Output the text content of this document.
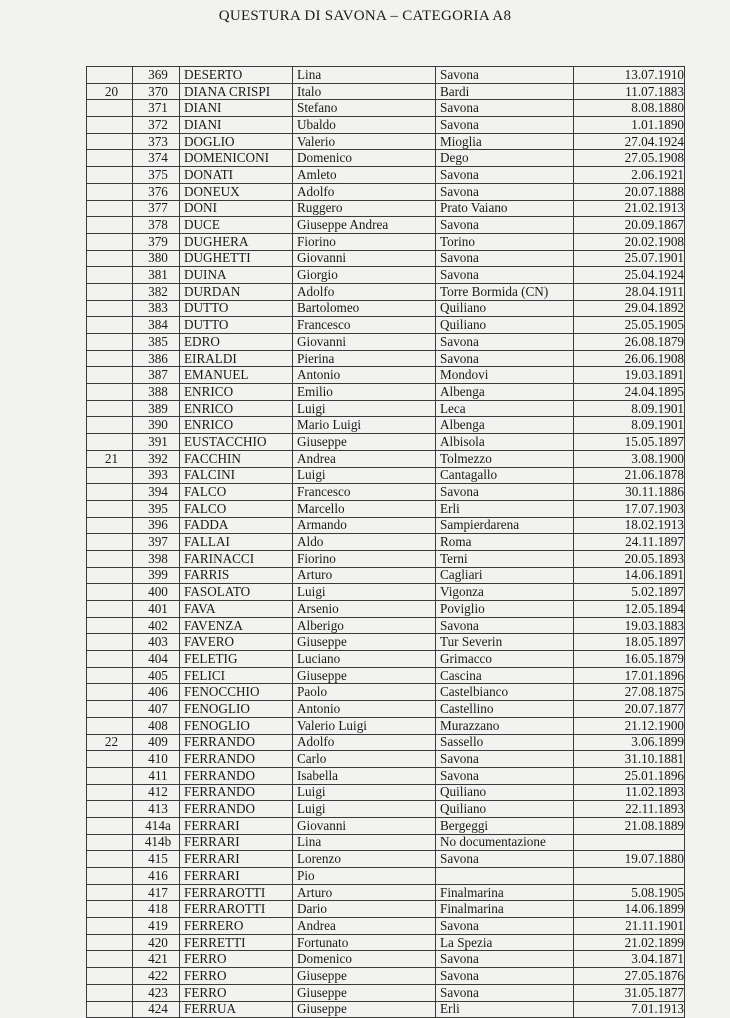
QUESTURA DI SAVONA – CATEGORIA A8
	369	DESERTO	Lina	Savona	13.07.1910
20	370	DIANA CRISPI	Italo	Bardi	11.07.1883
	371	DIANI	Stefano	Savona	8.08.1880
	372	DIANI	Ubaldo	Savona	1.01.1890
	373	DOGLIO	Valerio	Mioglia	27.04.1924
	374	DOMENICONI	Domenico	Dego	27.05.1908
	375	DONATI	Amleto	Savona	2.06.1921
	376	DONEUX	Adolfo	Savona	20.07.1888
	377	DONI	Ruggero	Prato Vaiano	21.02.1913
	378	DUCE	Giuseppe Andrea	Savona	20.09.1867
	379	DUGHERA	Fiorino	Torino	20.02.1908
	380	DUGHETTI	Giovanni	Savona	25.07.1901
	381	DUINA	Giorgio	Savona	25.04.1924
	382	DURDAN	Adolfo	Torre Bormida (CN)	28.04.1911
	383	DUTTO	Bartolomeo	Quiliano	29.04.1892
	384	DUTTO	Francesco	Quiliano	25.05.1905
	385	EDRO	Giovanni	Savona	26.08.1879
	386	EIRALDI	Pierina	Savona	26.06.1908
	387	EMANUEL	Antonio	Mondovi	19.03.1891
	388	ENRICO	Emilio	Albenga	24.04.1895
	389	ENRICO	Luigi	Leca	8.09.1901
	390	ENRICO	Mario Luigi	Albenga	8.09.1901
	391	EUSTACCHIO	Giuseppe	Albisola	15.05.1897
21	392	FACCHIN	Andrea	Tolmezzo	3.08.1900
	393	FALCINI	Luigi	Cantagallo	21.06.1878
	394	FALCO	Francesco	Savona	30.11.1886
	395	FALCO	Marcello	Erli	17.07.1903
	396	FADDA	Armando	Sampierdarena	18.02.1913
	397	FALLAI	Aldo	Roma	24.11.1897
	398	FARINACCI	Fiorino	Terni	20.05.1893
	399	FARRIS	Arturo	Cagliari	14.06.1891
	400	FASOLATO	Luigi	Vigonza	5.02.1897
	401	FAVA	Arsenio	Poviglio	12.05.1894
	402	FAVENZA	Alberigo	Savona	19.03.1883
	403	FAVERO	Giuseppe	Tur Severin	18.05.1897
	404	FELETIG	Luciano	Grimacco	16.05.1879
	405	FELICI	Giuseppe	Cascina	17.01.1896
	406	FENOCCHIO	Paolo	Castelbianco	27.08.1875
	407	FENOGLIO	Antonio	Castellino	20.07.1877
	408	FENOGLIO	Valerio Luigi	Murazzano	21.12.1900
22	409	FERRANDO	Adolfo	Sassello	3.06.1899
	410	FERRANDO	Carlo	Savona	31.10.1881
	411	FERRANDO	Isabella	Savona	25.01.1896
	412	FERRANDO	Luigi	Quiliano	11.02.1893
	413	FERRANDO	Luigi	Quiliano	22.11.1893
	414a	FERRARI	Giovanni	Bergeggi	21.08.1889
	414b	FERRARI	Lina	No documentazione	
	415	FERRARI	Lorenzo	Savona	19.07.1880
	416	FERRARI	Pio		
	417	FERRAROTTI	Arturo	Finalmarina	5.08.1905
	418	FERRAROTTI	Dario	Finalmarina	14.06.1899
	419	FERRERO	Andrea	Savona	21.11.1901
	420	FERRETTI	Fortunato	La Spezia	21.02.1899
	421	FERRO	Domenico	Savona	3.04.1871
	422	FERRO	Giuseppe	Savona	27.05.1876
	423	FERRO	Giuseppe	Savona	31.05.1877
	424	FERRUA	Giuseppe	Erli	7.01.1913
